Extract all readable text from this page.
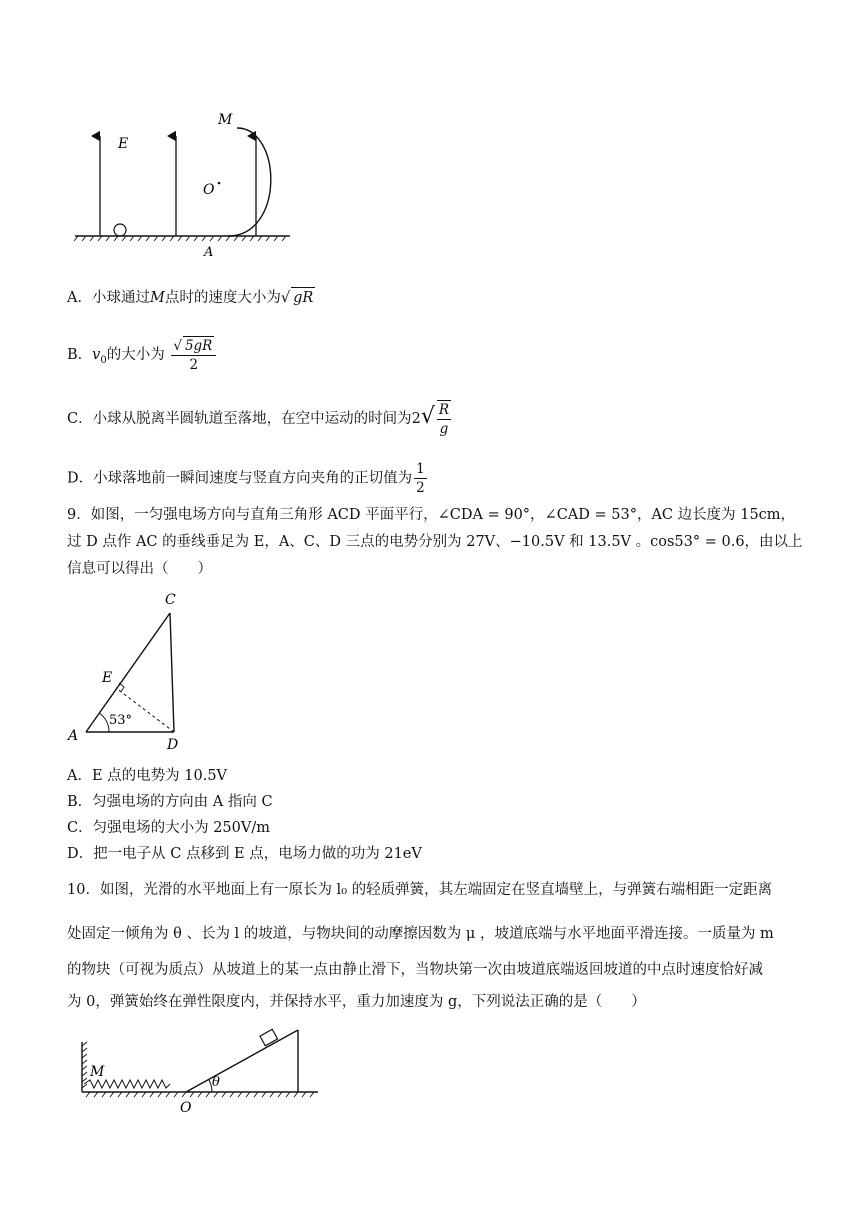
E
M
O
A
A．小球通过M点时的速度大小为√ gR
B．$v_0$的大小为 $\frac{√ 5gR}{2}$
C．小球从脱离半圆轨道至落地，在空中运动的时间为$2√ \frac{R}{g}$
D．小球落地前一瞬间速度与竖直方向夹角的正切值为 $\frac{1}{2}$
9．如图，一匀强电场方向与直角三角形 ACD 平面平行，∠CDA = 90°，∠CAD = 53°，AC 边长度为 15cm，
过 D 点作 AC 的垂线垂足为 E，A、C、D 三点的电势分别为 27V、−10.5V 和 13.5V 。cos53° = 0.6，由以上
信息可以得出（　　）
C
E
A
D
53°
A．E 点的电势为 10.5V
B．匀强电场的方向由 A 指向 C
C．匀强电场的大小为 250V/m
D．把一电子从 C 点移到 E 点，电场力做的功为 21eV
10．如图，光滑的水平地面上有一原长为 l₀ 的轻质弹簧，其左端固定在竖直墙壁上，与弹簧右端相距一定距离
处固定一倾角为 θ 、长为 l 的坡道，与物块间的动摩擦因数为 μ ，坡道底端与水平地面平滑连接。一质量为 m
的物块（可视为质点）从坡道上的某一点由静止滑下，当物块第一次由坡道底端返回坡道的中点时速度恰好减
为 0，弹簧始终在弹性限度内，并保持水平，重力加速度为 g，下列说法正确的是（　　）
M
O
θ
